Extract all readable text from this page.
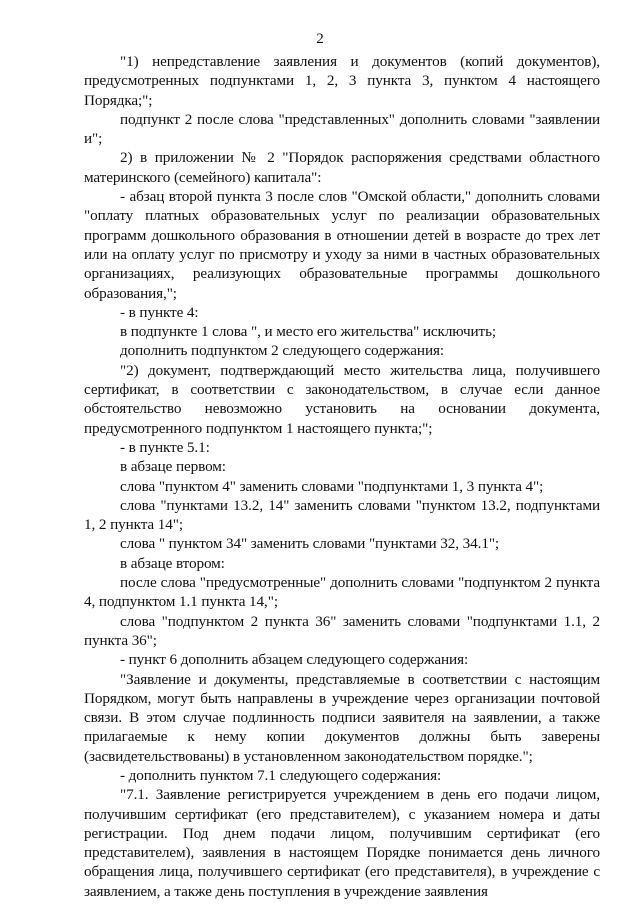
2

"1) непредставление заявления и документов (копий документов), предусмотренных подпунктами 1, 2, 3 пункта 3, пунктом 4 настоящего Порядка;";

подпункт 2 после слова "представленных" дополнить словами "заявлении и";

2) в приложении № 2 "Порядок распоряжения средствами областного материнского (семейного) капитала":

- абзац второй пункта 3 после слов "Омской области," дополнить словами "оплату платных образовательных услуг по реализации образовательных программ дошкольного образования в отношении детей в возрасте до трех лет или на оплату услуг по присмотру и уходу за ними в частных образовательных организациях, реализующих образовательные программы дошкольного образования,";

- в пункте 4:

в подпункте 1 слова ", и место его жительства" исключить;

дополнить подпунктом 2 следующего содержания:

"2) документ, подтверждающий место жительства лица, получившего сертификат, в соответствии с законодательством, в случае если данное обстоятельство невозможно установить на основании документа, предусмотренного подпунктом 1 настоящего пункта;";

- в пункте 5.1:

в абзаце первом:

слова "пунктом 4" заменить словами "подпунктами 1, 3 пункта 4";

слова "пунктами 13.2, 14" заменить словами "пунктом 13.2, подпунктами 1, 2 пункта 14";

слова " пунктом 34" заменить словами "пунктами 32, 34.1";

в абзаце втором:

после слова "предусмотренные" дополнить словами "подпунктом 2 пункта 4, подпунктом 1.1 пункта 14,";

слова "подпунктом 2 пункта 36" заменить словами "подпунктами 1.1, 2 пункта 36";

- пункт 6 дополнить абзацем следующего содержания:

"Заявление и документы, представляемые в соответствии с настоящим Порядком, могут быть направлены в учреждение через организации почтовой связи. В этом случае подлинность подписи заявителя на заявлении, а также прилагаемые к нему копии документов должны быть заверены (засвидетельствованы) в установленном законодательством порядке.";

- дополнить пунктом 7.1 следующего содержания:

"7.1. Заявление регистрируется учреждением в день его подачи лицом, получившим сертификат (его представителем), с указанием номера и даты регистрации. Под днем подачи лицом, получившим сертификат (его представителем), заявления в настоящем Порядке понимается день личного обращения лица, получившего сертификат (его представителя), в учреждение с заявлением, а также день поступления в учреждение заявления
